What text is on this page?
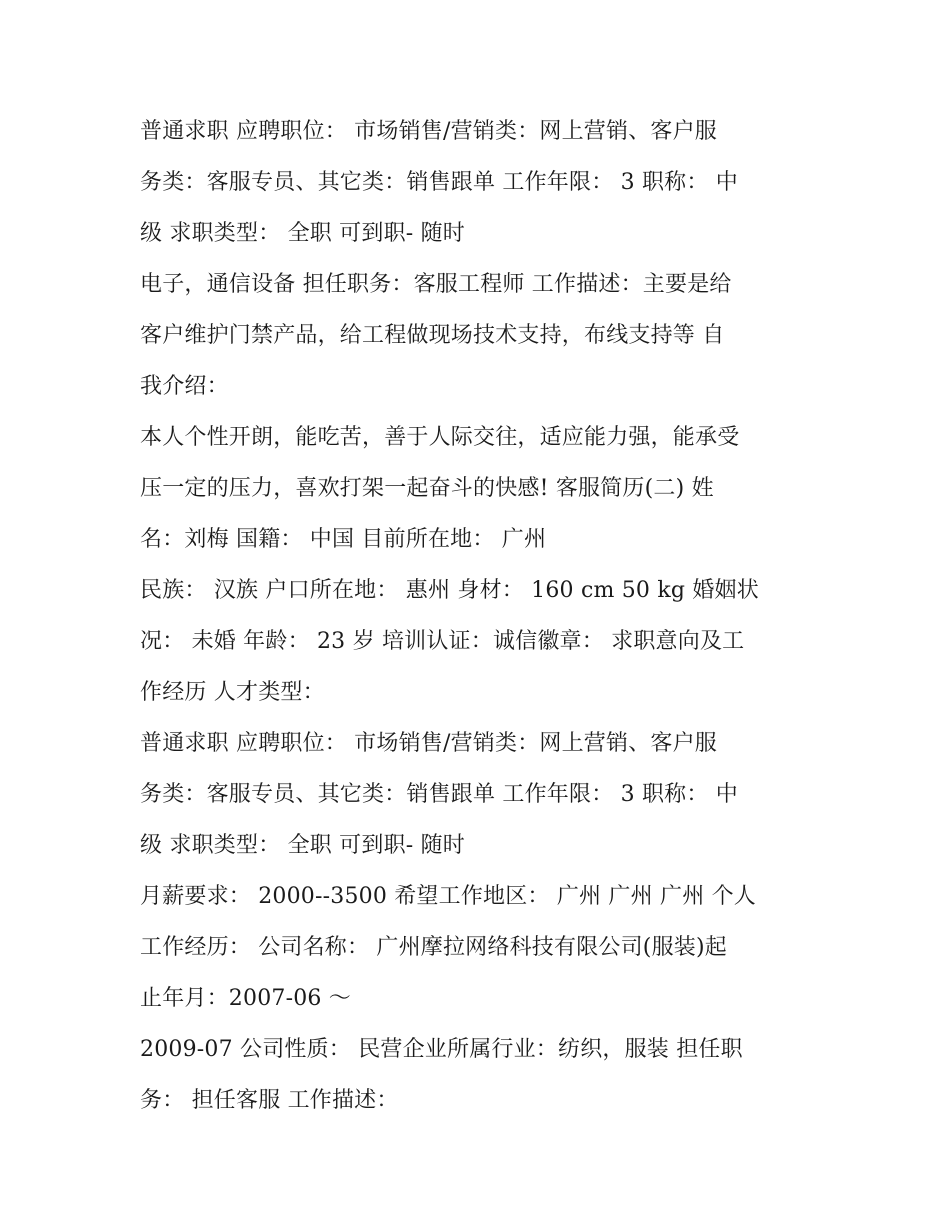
普通求职 应聘职位： 市场销售/营销类：网上营销、客户服
务类：客服专员、其它类：销售跟单 工作年限： 3 职称： 中
级 求职类型： 全职 可到职- 随时
电子，通信设备 担任职务：客服工程师 工作描述：主要是给
客户维护门禁产品，给工程做现场技术支持，布线支持等 自
我介绍：
本人个性开朗，能吃苦，善于人际交往，适应能力强，能承受
压一定的压力，喜欢打架一起奋斗的快感! 客服简历(二) 姓
名：刘梅 国籍： 中国 目前所在地： 广州
民族： 汉族 户口所在地： 惠州 身材： 160 cm 50 kg 婚姻状
况： 未婚 年龄： 23 岁 培训认证：诚信徽章： 求职意向及工
作经历 人才类型：
普通求职 应聘职位： 市场销售/营销类：网上营销、客户服
务类：客服专员、其它类：销售跟单 工作年限： 3 职称： 中
级 求职类型： 全职 可到职- 随时
月薪要求： 2000--3500 希望工作地区： 广州 广州 广州 个人
工作经历： 公司名称： 广州摩拉网络科技有限公司(服装)起
止年月：2007-06 ～
2009-07 公司性质： 民营企业所属行业：纺织，服装 担任职
务： 担任客服 工作描述：
